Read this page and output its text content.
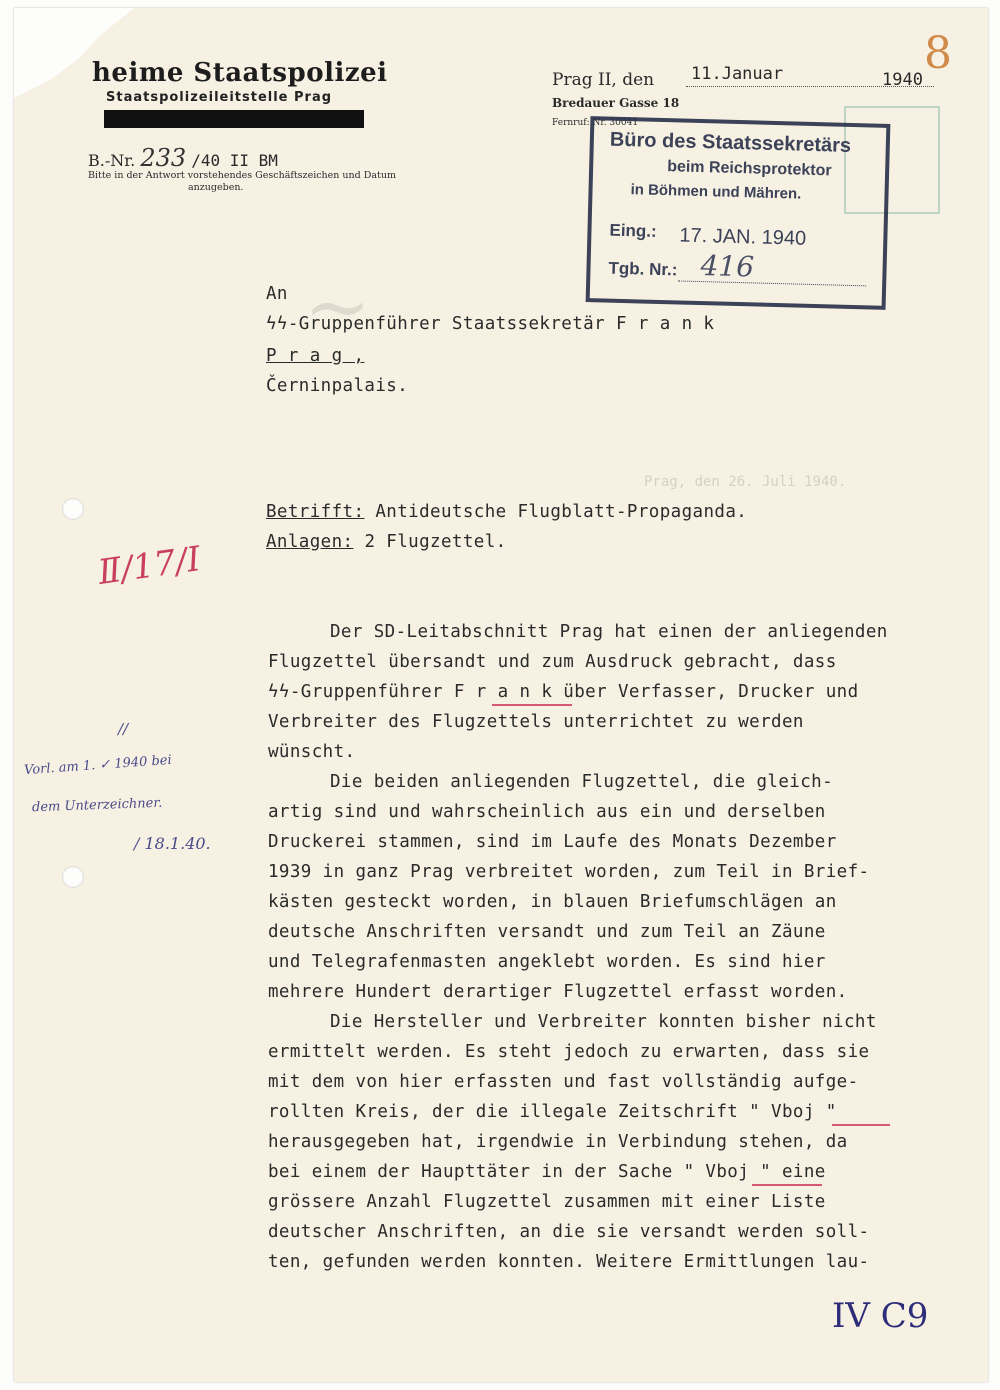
~
heime Staatspolizei
Staatspolizeileitstelle Prag
B.-Nr. 233 /40 II BM
Bitte in der Antwort vorstehendes Geschäftszeichen und Datum
anzugeben.
Prag II, den 11.Januar	1940
Bredauer Gasse 18
Fernruf: Nr. 30041
8
Büro des Staatssekretärs
beim Reichsprotektor
in Böhmen und Mähren.
Eing.: 17. JAN. 1940
Tgb. Nr.: 416
An
ϟϟ-Gruppenführer Staatssekretär F r a n k
P r a g ,
Černinpalais.
Prag, den 26. Juli 1940.
Betrifft: Antideutsche Flugblatt-Propaganda.
Anlagen: 2 Flugzettel.
Der SD-Leitabschnitt Prag hat einen der anliegenden
Flugzettel übersandt und zum Ausdruck gebracht, dass
ϟϟ-Gruppenführer F r a n k über Verfasser, Drucker und
Verbreiter des Flugzettels unterrichtet zu werden
wünscht.
Die beiden anliegenden Flugzettel, die gleich-
artig sind und wahrscheinlich aus ein und derselben
Druckerei stammen, sind im Laufe des Monats Dezember
1939 in ganz Prag verbreitet worden, zum Teil in Brief-
kästen gesteckt worden, in blauen Briefumschlägen an
deutsche Anschriften versandt und zum Teil an Zäune
und Telegrafenmasten angeklebt worden. Es sind hier
mehrere Hundert derartiger Flugzettel erfasst worden.
Die Hersteller und Verbreiter konnten bisher nicht
ermittelt werden. Es steht jedoch zu erwarten, dass sie
mit dem von hier erfassten und fast vollständig aufge-
rollten Kreis, der die illegale Zeitschrift " Vboj "
herausgegeben hat, irgendwie in Verbindung stehen, da
bei einem der Haupttäter in der Sache " Vboj " eine
grössere Anzahl Flugzettel zusammen mit einer Liste
deutscher Anschriften, an die sie versandt werden soll-
ten, gefunden werden konnten. Weitere Ermittlungen lau-
Ⅱ/17/I
//
Vorl. am 1. ✓ 1940 bei
dem Unterzeichner.
/ 18.1.40.
IV C9
